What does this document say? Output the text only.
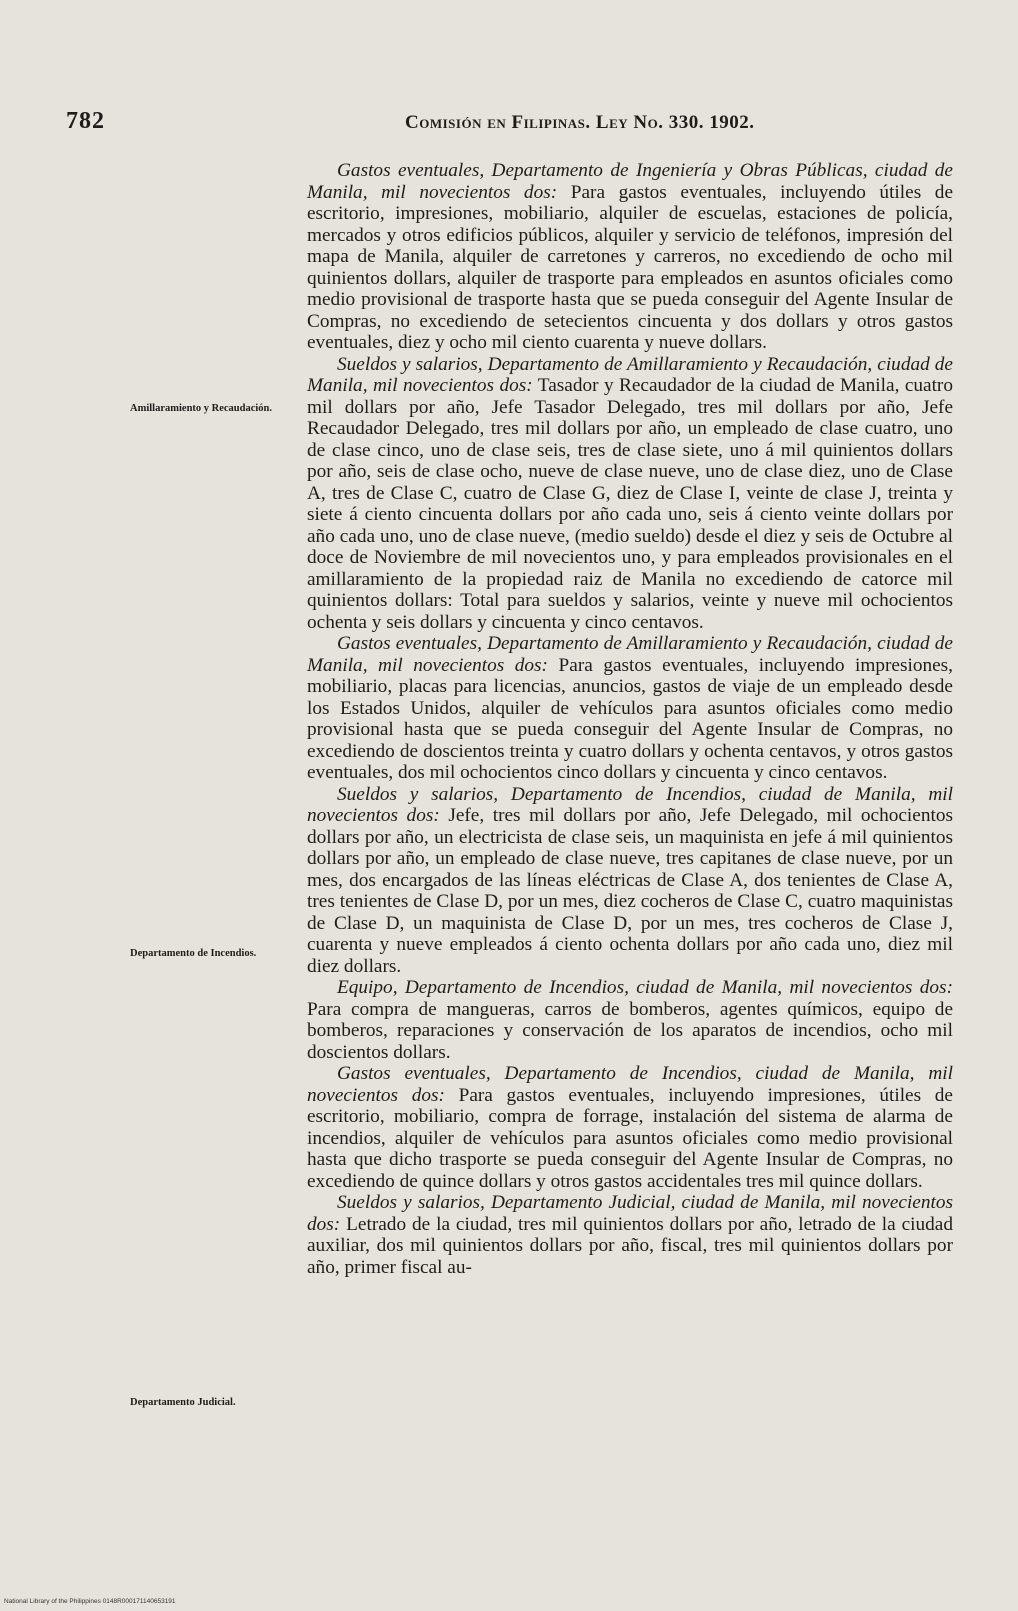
782	Comisión en Filipinas. Ley No. 330. 1902.
Amillaramiento y Recaudación.
Departamento de Incendios.
Departamento Judicial.

Gastos eventuales, Departamento de Ingeniería y Obras Públicas, ciudad de Manila, mil novecientos dos: Para gastos eventuales, incluyendo útiles de escritorio, impresiones, mobiliario, alquiler de escuelas, estaciones de policía, mercados y otros edificios públicos, alquiler y servicio de teléfonos, impresión del mapa de Manila, alquiler de carretones y carreros, no excediendo de ocho mil quinientos dollars, alquiler de trasporte para empleados en asuntos oficiales como medio provisional de trasporte hasta que se pueda conseguir del Agente Insular de Compras, no excediendo de setecientos cincuenta y dos dollars y otros gastos eventuales, diez y ocho mil ciento cuarenta y nueve dollars.

Sueldos y salarios, Departamento de Amillaramiento y Recaudación, ciudad de Manila, mil novecientos dos: Tasador y Recaudador de la ciudad de Manila, cuatro mil dollars por año, Jefe Tasador Delegado, tres mil dollars por año, Jefe Recaudador Delegado, tres mil dollars por año, un empleado de clase cuatro, uno de clase cinco, uno de clase seis, tres de clase siete, uno á mil quinientos dollars por año, seis de clase ocho, nueve de clase nueve, uno de clase diez, uno de Clase A, tres de Clase C, cuatro de Clase G, diez de Clase I, veinte de clase J, treinta y siete á ciento cincuenta dollars por año cada uno, seis á ciento veinte dollars por año cada uno, uno de clase nueve, (medio sueldo) desde el diez y seis de Octubre al doce de Noviembre de mil novecientos uno, y para empleados provisionales en el amillaramiento de la propiedad raiz de Manila no excediendo de catorce mil quinientos dollars: Total para sueldos y salarios, veinte y nueve mil ochocientos ochenta y seis dollars y cincuenta y cinco centavos.

Gastos eventuales, Departamento de Amillaramiento y Recaudación, ciudad de Manila, mil novecientos dos: Para gastos eventuales, incluyendo impresiones, mobiliario, placas para licencias, anuncios, gastos de viaje de un empleado desde los Estados Unidos, alquiler de vehículos para asuntos oficiales como medio provisional hasta que se pueda conseguir del Agente Insular de Compras, no excediendo de doscientos treinta y cuatro dollars y ochenta centavos, y otros gastos eventuales, dos mil ochocientos cinco dollars y cincuenta y cinco centavos.

Sueldos y salarios, Departamento de Incendios, ciudad de Manila, mil novecientos dos: Jefe, tres mil dollars por año, Jefe Delegado, mil ochocientos dollars por año, un electricista de clase seis, un maquinista en jefe á mil quinientos dollars por año, un empleado de clase nueve, tres capitanes de clase nueve, por un mes, dos encargados de las líneas eléctricas de Clase A, dos tenientes de Clase A, tres tenientes de Clase D, por un mes, diez cocheros de Clase C, cuatro maquinistas de Clase D, un maquinista de Clase D, por un mes, tres cocheros de Clase J, cuarenta y nueve empleados á ciento ochenta dollars por año cada uno, diez mil diez dollars.

Equipo, Departamento de Incendios, ciudad de Manila, mil novecientos dos: Para compra de mangueras, carros de bomberos, agentes químicos, equipo de bomberos, reparaciones y conservación de los aparatos de incendios, ocho mil doscientos dollars.

Gastos eventuales, Departamento de Incendios, ciudad de Manila, mil novecientos dos: Para gastos eventuales, incluyendo impresiones, útiles de escritorio, mobiliario, compra de forrage, instalación del sistema de alarma de incendios, alquiler de vehículos para asuntos oficiales como medio provisional hasta que dicho trasporte se pueda conseguir del Agente Insular de Compras, no excediendo de quince dollars y otros gastos accidentales tres mil quince dollars.

Sueldos y salarios, Departamento Judicial, ciudad de Manila, mil novecientos dos: Letrado de la ciudad, tres mil quinientos dollars por año, letrado de la ciudad auxiliar, dos mil quinientos dollars por año, fiscal, tres mil quinientos dollars por año, primer fiscal au-

National Library of the Philippines 0148R000171140653191
